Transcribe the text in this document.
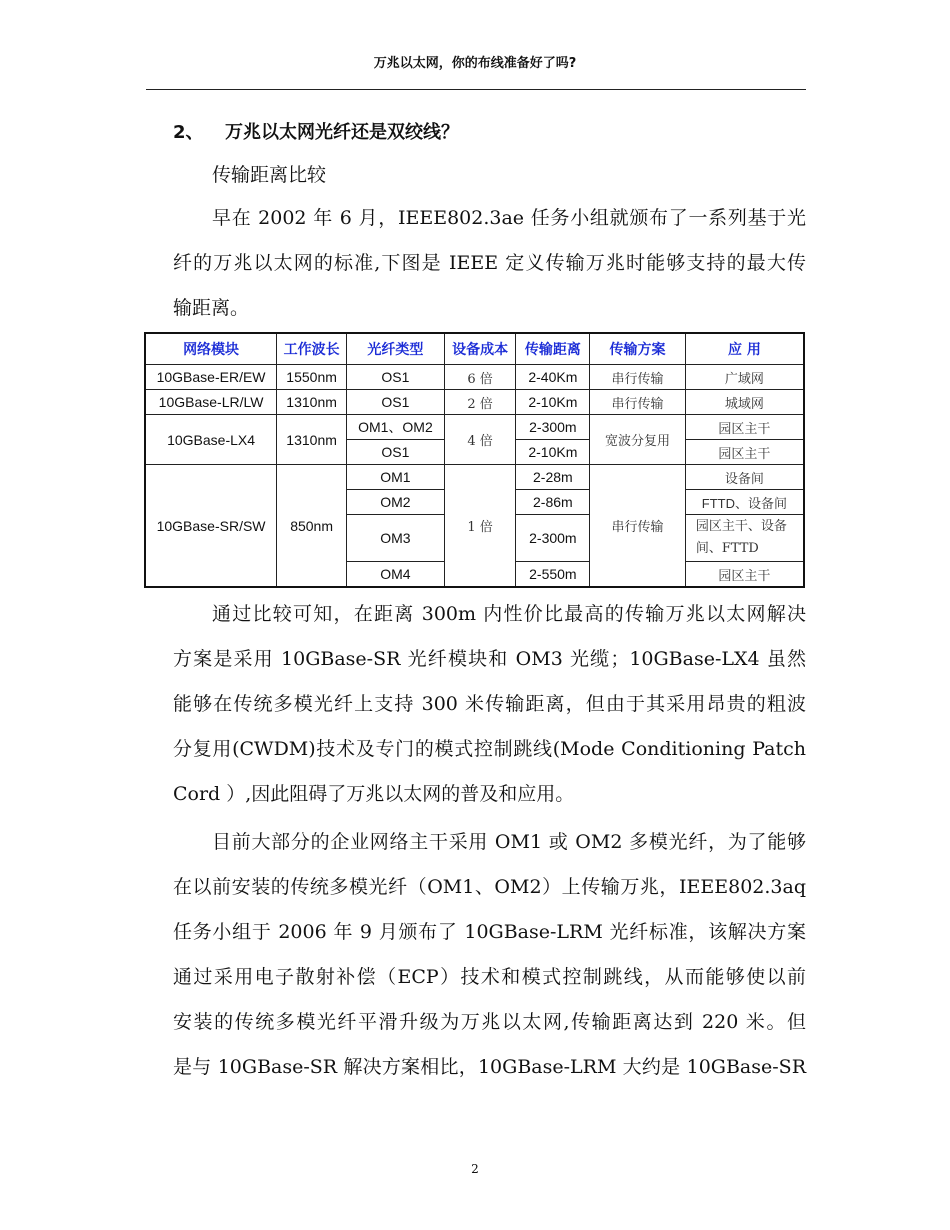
万兆以太网，你的布线准备好了吗?
2、 万兆以太网光纤还是双绞线？
传输距离比较
早在 2002 年 6 月，IEEE802.3ae 任务小组就颁布了一系列基于光
纤的万兆以太网的标准,下图是 IEEE 定义传输万兆时能够支持的最大传
输距离。
网络模块	工作波长	光纤类型	设备成本	传输距离	传输方案	应 用
10GBase-ER/EW	1550nm	OS1	6 倍	2-40Km	串行传输	广域网
10GBase-LR/LW	1310nm	OS1	2 倍	2-10Km	串行传输	城域网
10GBase-LX4	1310nm	OM1、OM2	4 倍	2-300m	宽波分复用	园区主干
		OS1		2-10Km		园区主干
10GBase-SR/SW	850nm	OM1	1 倍	2-28m	串行传输	设备间
		OM2		2-86m		FTTD、设备间
		OM3		2-300m		园区主干、设备
间、FTTD
		OM4		2-550m		园区主干
通过比较可知，在距离 300m 内性价比最高的传输万兆以太网解决
方案是采用 10GBase-SR 光纤模块和 OM3 光缆；10GBase-LX4 虽然
能够在传统多模光纤上支持 300 米传输距离，但由于其采用昂贵的粗波
分复用(CWDM)技术及专门的模式控制跳线(Mode Conditioning Patch
Cord ）,因此阻碍了万兆以太网的普及和应用。
目前大部分的企业网络主干采用 OM1 或 OM2 多模光纤，为了能够
在以前安装的传统多模光纤（OM1、OM2）上传输万兆，IEEE802.3aq
任务小组于 2006 年 9 月颁布了 10GBase-LRM 光纤标准，该解决方案
通过采用电子散射补偿（ECP）技术和模式控制跳线，从而能够使以前
安装的传统多模光纤平滑升级为万兆以太网,传输距离达到 220 米。但
是与 10GBase-SR 解决方案相比，10GBase-LRM 大约是 10GBase-SR
2
